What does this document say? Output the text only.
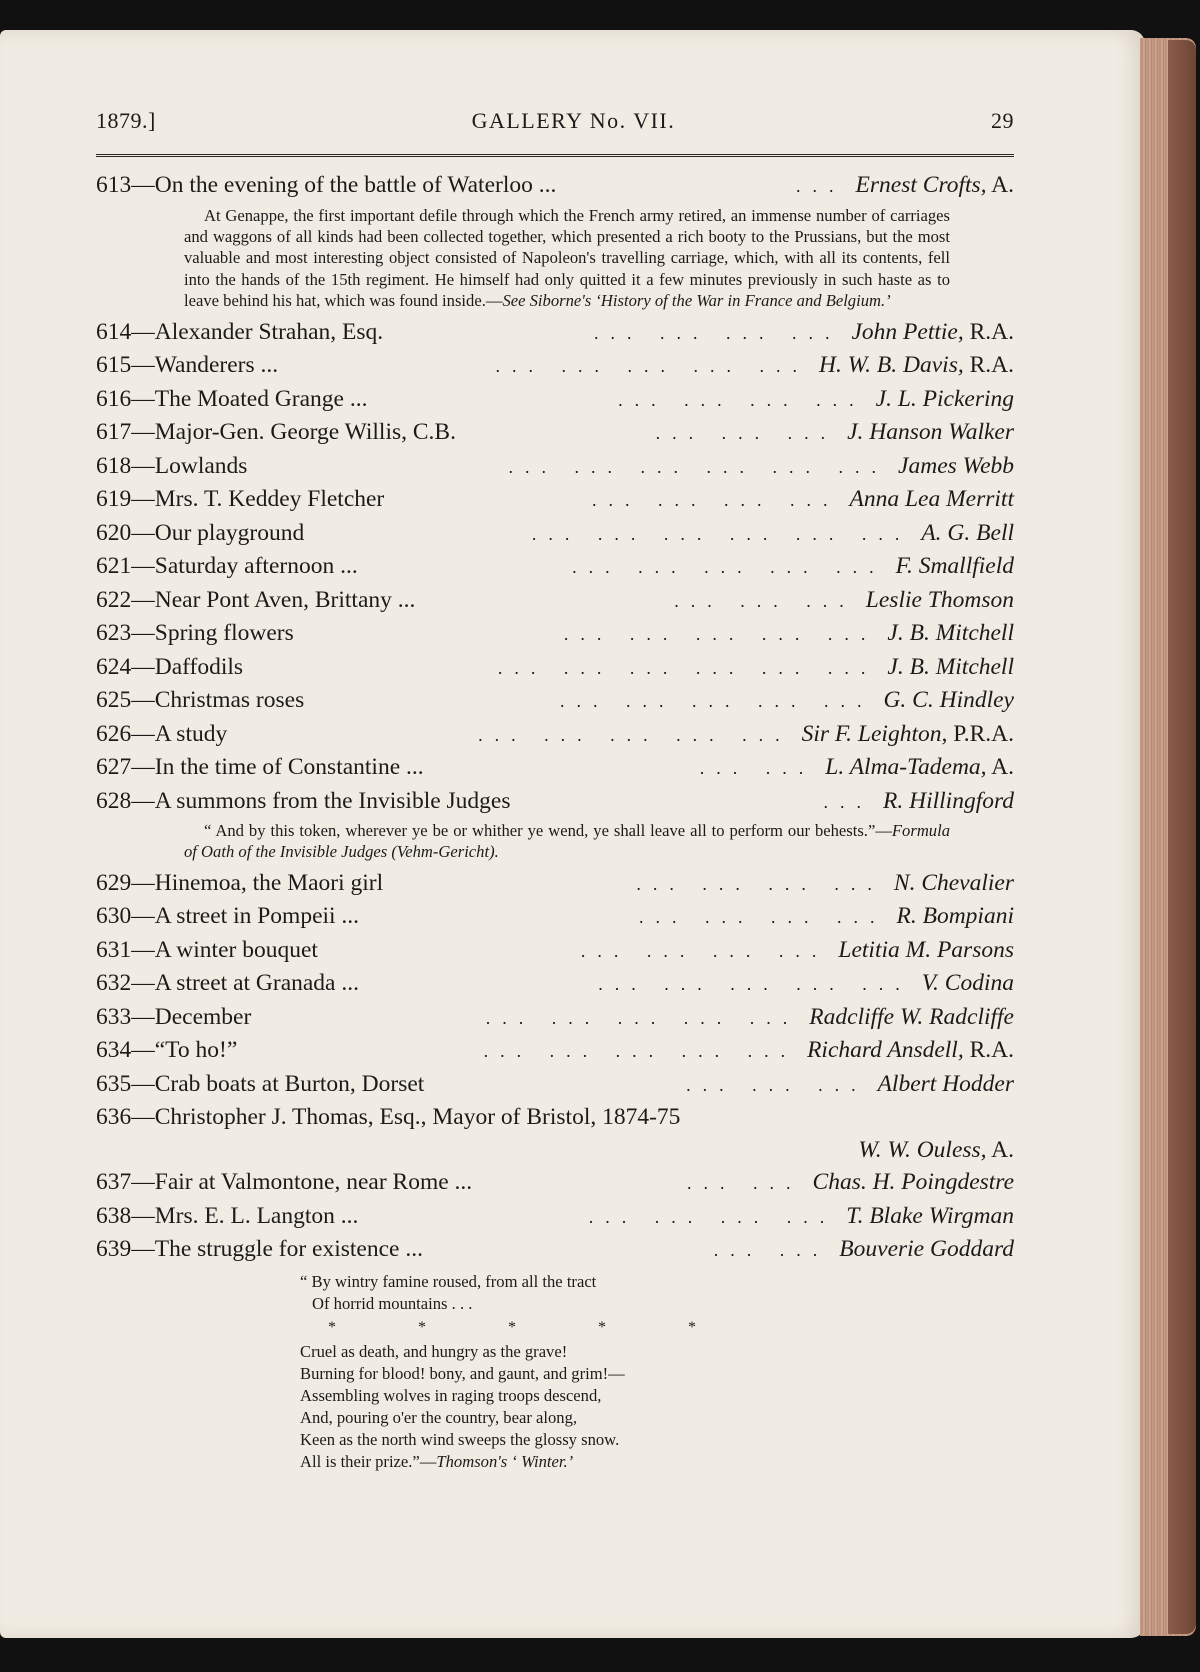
1879.]	GALLERY No. VII.	29
613 —On the evening of the battle of Waterloo ...	... Ernest Crofts, A.
At Genappe, the first important defile through which the French army retired, an immense number of carriages and waggons of all kinds had been collected together, which presented a rich booty to the Prussians, but the most valuable and most interesting object consisted of Napoleon's travelling carriage, which, with all its contents, fell into the hands of the 15th regiment. He himself had only quitted it a few minutes previously in such haste as to leave behind his hat, which was found inside.—See Siborne's ‘History of the War in France and Belgium.’
614 —Alexander Strahan, Esq.	... ... ... ... John Pettie, R.A.
615 —Wanderers ...	... ... ... ... ... H. W. B. Davis, R.A.
616 —The Moated Grange ...	... ... ... ... J. L. Pickering
617 —Major-Gen. George Willis, C.B.	... ... ... J. Hanson Walker
618 —Lowlands	... ... ... ... ... ... James Webb
619 —Mrs. T. Keddey Fletcher	... ... ... ... Anna Lea Merritt
620 —Our playground	... ... ... ... ... ... A. G. Bell
621 —Saturday afternoon ...	... ... ... ... ... F. Smallfield
622 —Near Pont Aven, Brittany ...	... ... ... Leslie Thomson
623 —Spring flowers	... ... ... ... ... J. B. Mitchell
624 —Daffodils	... ... ... ... ... ... J. B. Mitchell
625 —Christmas roses	... ... ... ... ... G. C. Hindley
626 —A study	... ... ... ... ... Sir F. Leighton, P.R.A.
627 —In the time of Constantine ...	... ... L. Alma-Tadema, A.
628 —A summons from the Invisible Judges	... R. Hillingford
“ And by this token, wherever ye be or whither ye wend, ye shall leave all to perform our behests.”—Formula of Oath of the Invisible Judges (Vehm-Gericht).
629 —Hinemoa, the Maori girl	... ... ... ... N. Chevalier
630 —A street in Pompeii ...	... ... ... ... R. Bompiani
631 —A winter bouquet	... ... ... ... Letitia M. Parsons
632 —A street at Granada ...	... ... ... ... ... V. Codina
633 —December	... ... ... ... ... Radcliffe W. Radcliffe
634 —“To ho!”	... ... ... ... ... Richard Ansdell, R.A.
635 —Crab boats at Burton, Dorset	... ... ... Albert Hodder
636 —Christopher J. Thomas, Esq., Mayor of Bristol, 1874-75
W. W. Ouless, A.
637 —Fair at Valmontone, near Rome ...	... ... Chas. H. Poingdestre
638 —Mrs. E. L. Langton ...	... ... ... ... T. Blake Wirgman
639 —The struggle for existence ...	... ... Bouverie Goddard
“ By wintry famine roused, from all the tract
Of horrid mountains . . .
*	*	*	*	*
Cruel as death, and hungry as the grave!
Burning for blood! bony, and gaunt, and grim!—
Assembling wolves in raging troops descend,
And, pouring o'er the country, bear along,
Keen as the north wind sweeps the glossy snow.
All is their prize.”—Thomson's ‘ Winter.’
